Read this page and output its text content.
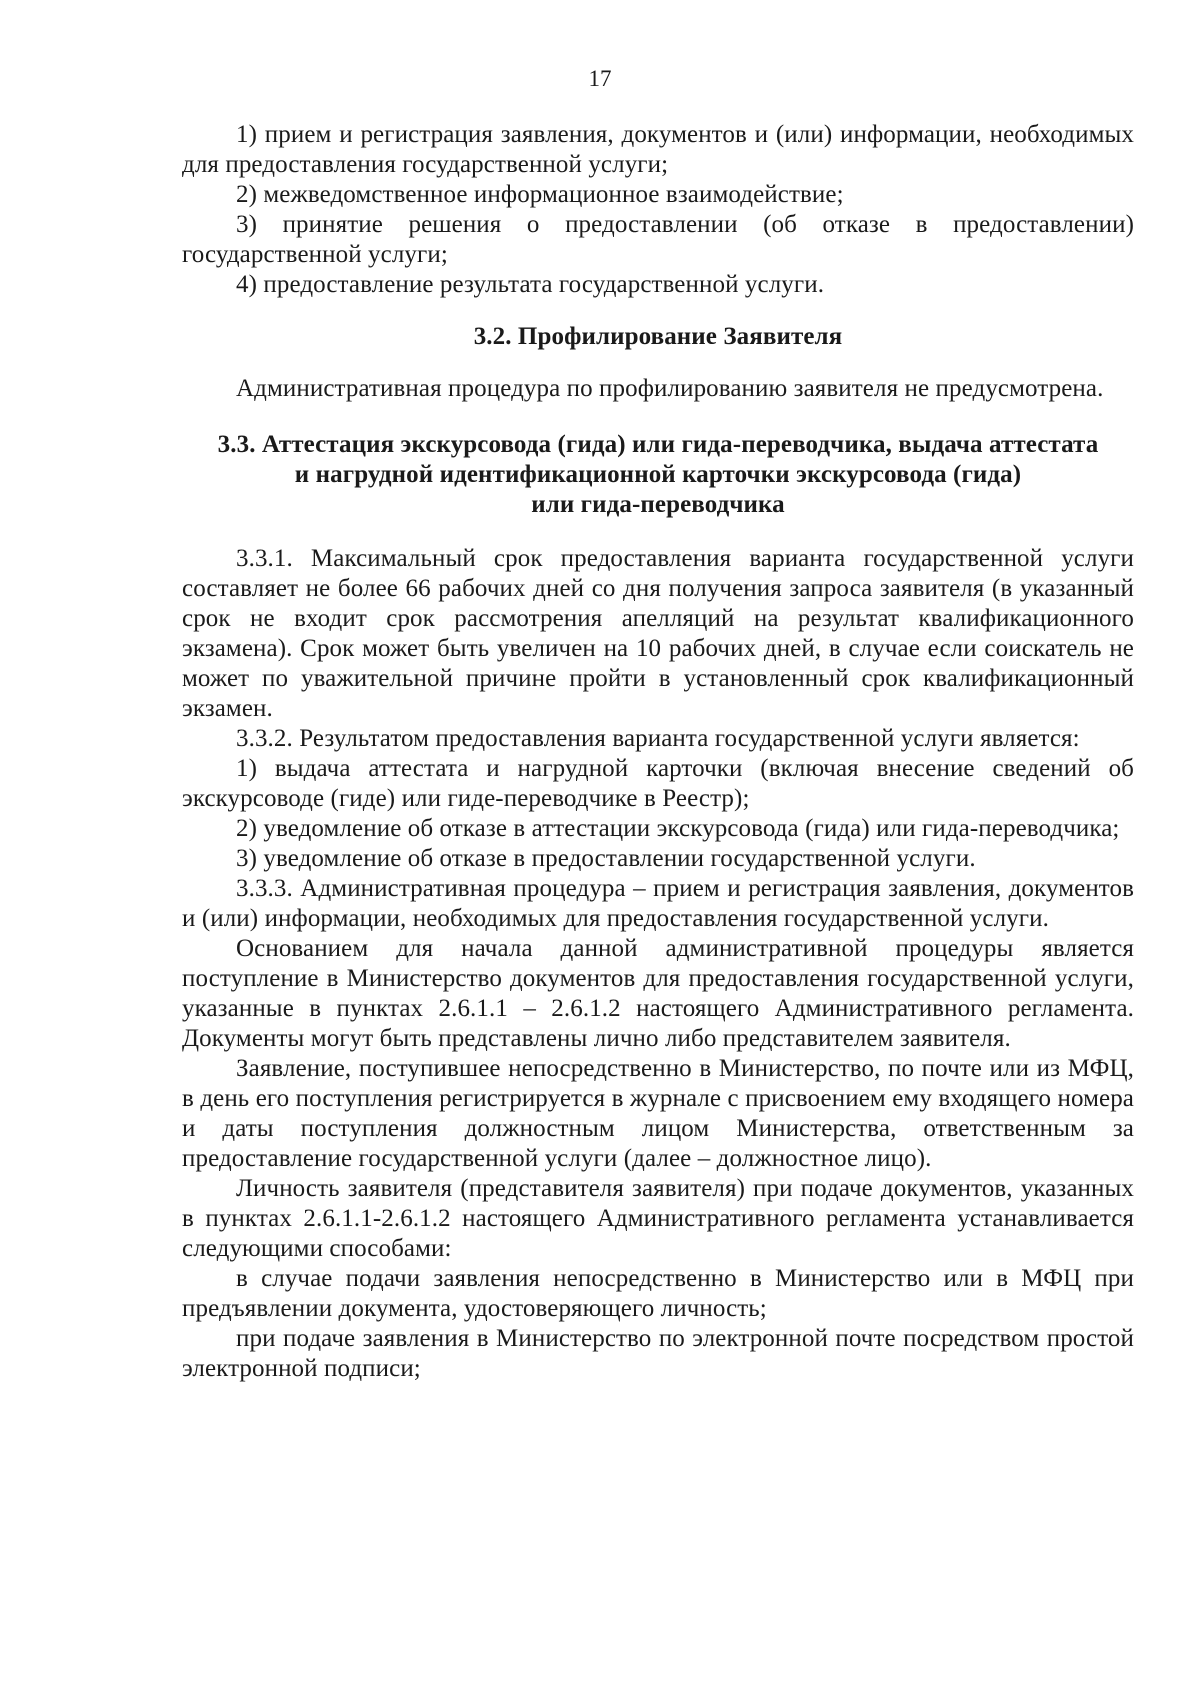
17

1) прием и регистрация заявления, документов и (или) информации, необходимых для предоставления государственной услуги;

2) межведомственное информационное взаимодействие;

3) принятие решения о предоставлении (об отказе в предоставлении) государственной услуги;

4) предоставление результата государственной услуги.

3.2. Профилирование Заявителя

Административная процедура по профилированию заявителя не предусмотрена.

3.3. Аттестация экскурсовода (гида) или гида-переводчика, выдача аттестата

и нагрудной идентификационной карточки экскурсовода (гида)

или гида-переводчика

3.3.1. Максимальный срок предоставления варианта государственной услуги составляет не более 66 рабочих дней со дня получения запроса заявителя (в указанный срок не входит срок рассмотрения апелляций на результат квалификационного экзамена). Срок может быть увеличен на 10 рабочих дней, в случае если соискатель не может по уважительной причине пройти в установленный срок квалификационный экзамен.

3.3.2. Результатом предоставления варианта государственной услуги является:

1) выдача аттестата и нагрудной карточки (включая внесение сведений об экскурсоводе (гиде) или гиде-переводчике в Реестр);

2) уведомление об отказе в аттестации экскурсовода (гида) или гида-переводчика;

3) уведомление об отказе в предоставлении государственной услуги.

3.3.3. Административная процедура – прием и регистрация заявления, документов и (или) информации, необходимых для предоставления государственной услуги.

Основанием для начала данной административной процедуры является поступление в Министерство документов для предоставления государственной услуги, указанные в пунктах 2.6.1.1 – 2.6.1.2 настоящего Административного регламента. Документы могут быть представлены лично либо представителем заявителя.

Заявление, поступившее непосредственно в Министерство, по почте или из МФЦ, в день его поступления регистрируется в журнале с присвоением ему входящего номера и даты поступления должностным лицом Министерства, ответственным за предоставление государственной услуги (далее – должностное лицо).

Личность заявителя (представителя заявителя) при подаче документов, указанных в пунктах 2.6.1.1-2.6.1.2 настоящего Административного регламента устанавливается следующими способами:

в случае подачи заявления непосредственно в Министерство или в МФЦ при предъявлении документа, удостоверяющего личность;

при подаче заявления в Министерство по электронной почте посредством простой электронной подписи;
